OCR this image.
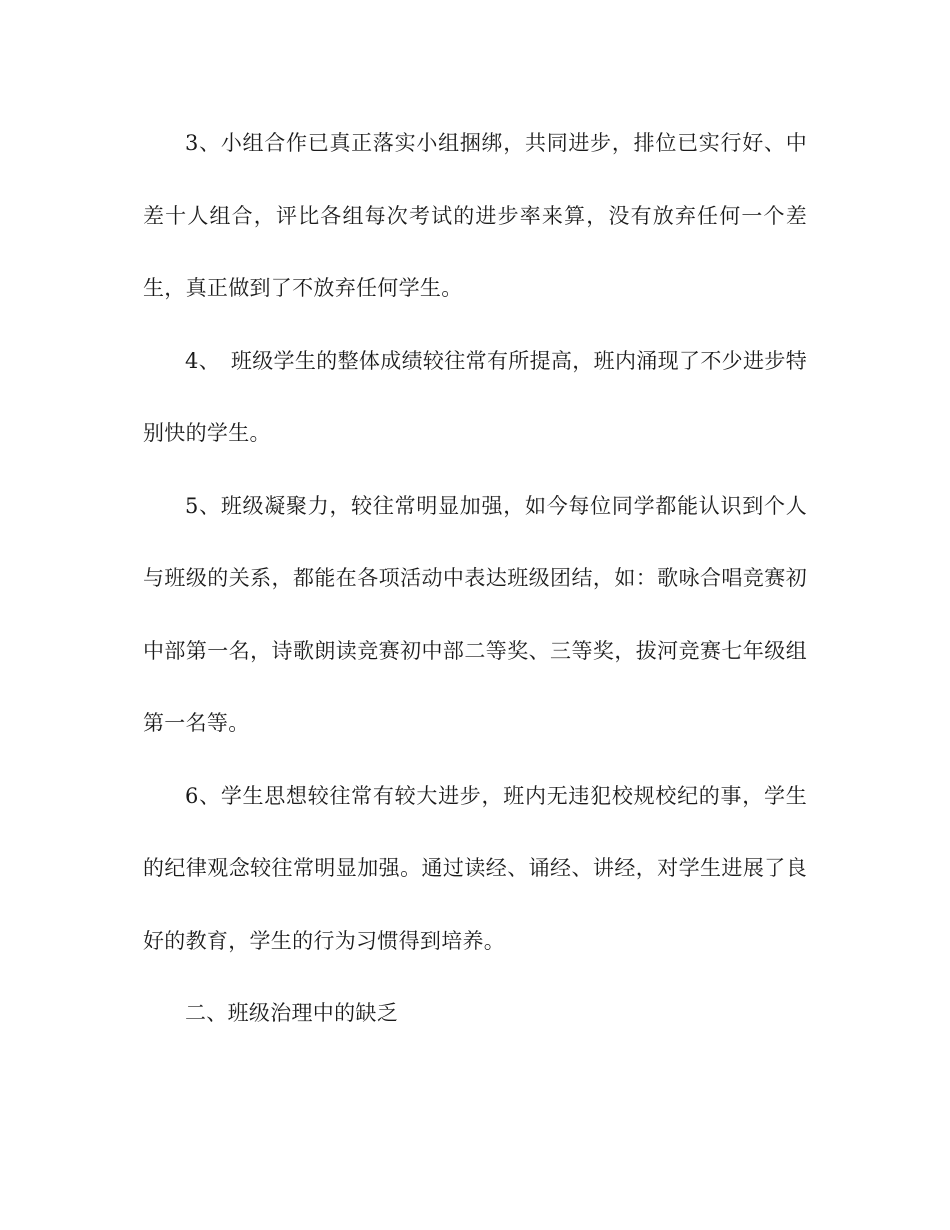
3、小组合作已真正落实小组捆绑，共同进步，排位已实行好、中差十人组合，评比各组每次考试的进步率来算，没有放弃任何一个差生，真正做到了不放弃任何学生。

4、　班级学生的整体成绩较往常有所提高，班内涌现了不少进步特别快的学生。

5、班级凝聚力，较往常明显加强，如今每位同学都能认识到个人与班级的关系，都能在各项活动中表达班级团结，如：歌咏合唱竞赛初中部第一名，诗歌朗读竞赛初中部二等奖、三等奖，拔河竞赛七年级组第一名等。

6、学生思想较往常有较大进步，班内无违犯校规校纪的事，学生的纪律观念较往常明显加强。通过读经、诵经、讲经，对学生进展了良好的教育，学生的行为习惯得到培养。

二、班级治理中的缺乏
